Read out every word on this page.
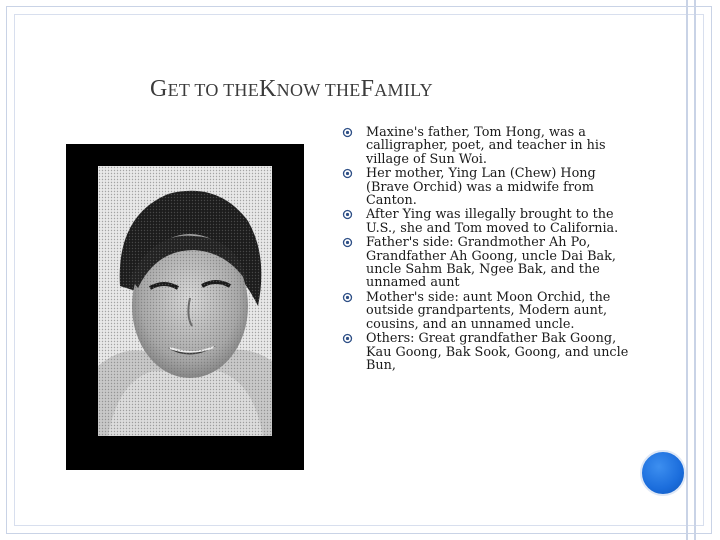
GET TO THEKNOW THEFAMILY
Maxine's father, Tom Hong, was a calligrapher, poet, and teacher in his village of Sun Woi.
Her mother, Ying Lan (Chew) Hong (Brave Orchid) was a midwife from Canton.
After Ying was illegally brought to the U.S., she and Tom moved to California.
Father's side: Grandmother Ah Po, Grandfather Ah Goong, uncle Dai Bak, uncle Sahm Bak, Ngee Bak, and the unnamed aunt
Mother's side: aunt Moon Orchid, the outside grandpartents, Modern aunt, cousins, and an unnamed uncle.
Others: Great grandfather Bak Goong, Kau Goong, Bak Sook, Goong, and uncle Bun,
